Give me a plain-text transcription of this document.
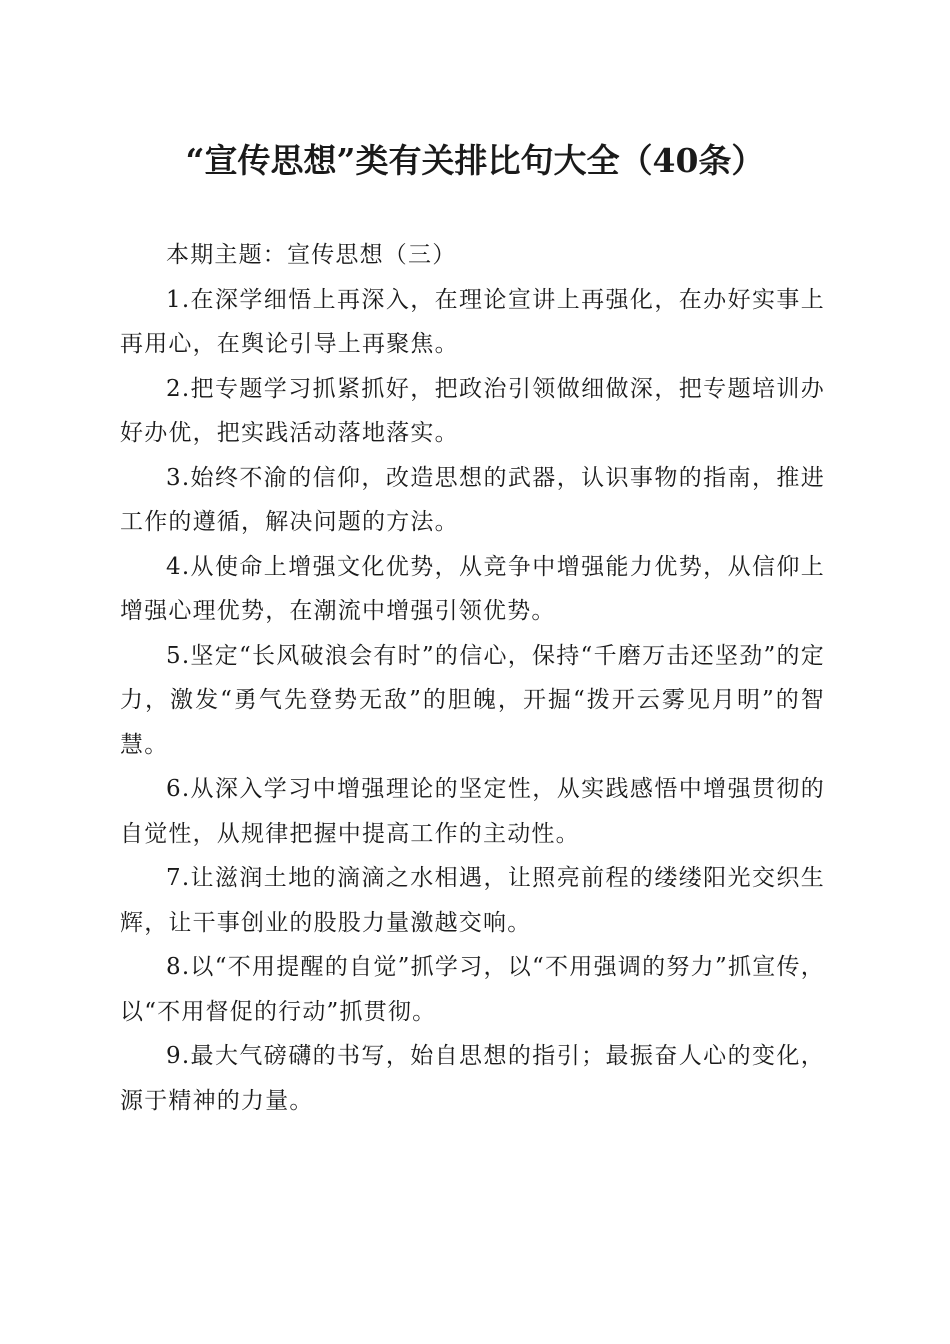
“宣传思想”类有关排比句大全（40条）

本期主题：宣传思想（三）

1.在深学细悟上再深入，在理论宣讲上再强化，在办好实事上再用心，在舆论引导上再聚焦。

2.把专题学习抓紧抓好，把政治引领做细做深，把专题培训办好办优，把实践活动落地落实。

3.始终不渝的信仰，改造思想的武器，认识事物的指南，推进工作的遵循，解决问题的方法。

4.从使命上增强文化优势，从竞争中增强能力优势，从信仰上增强心理优势，在潮流中增强引领优势。

5.坚定“长风破浪会有时”的信心，保持“千磨万击还坚劲”的定力，激发“勇气先登势无敌”的胆魄，开掘“拨开云雾见月明”的智慧。

6.从深入学习中增强理论的坚定性，从实践感悟中增强贯彻的自觉性，从规律把握中提高工作的主动性。

7.让滋润土地的滴滴之水相遇，让照亮前程的缕缕阳光交织生辉，让干事创业的股股力量激越交响。

8.以“不用提醒的自觉”抓学习，以“不用强调的努力”抓宣传，以“不用督促的行动”抓贯彻。

9.最大气磅礴的书写，始自思想的指引；最振奋人心的变化，源于精神的力量。
